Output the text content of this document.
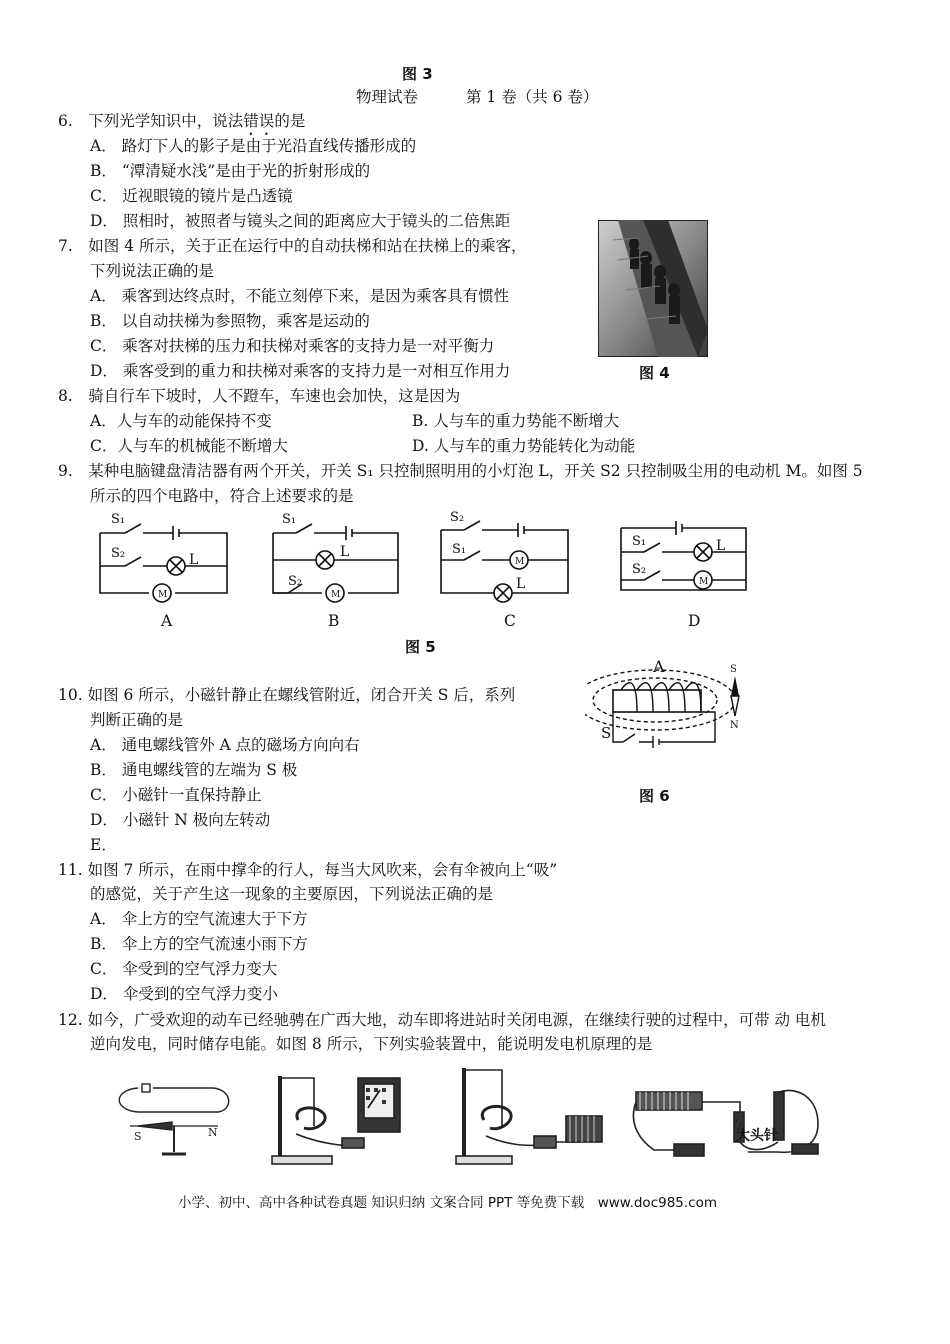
图 3
物理试卷	第 1 卷（共 6 卷）
6.　下列光学知识中，说法错误的是
A． 路灯下人的影子是由于光沿直线传播形成的
B． “潭清疑水浅”是由于光的折射形成的
C． 近视眼镜的镜片是凸透镜
D． 照相时，被照者与镜头之间的距离应大于镜头的二倍焦距
7.　如图 4 所示，关于正在运行中的自动扶梯和站在扶梯上的乘客，
下列说法正确的是
A． 乘客到达终点时，不能立刻停下来，是因为乘客具有惯性
B． 以自动扶梯为参照物，乘客是运动的
C． 乘客对扶梯的压力和扶梯对乘客的支持力是一对平衡力
D． 乘客受到的重力和扶梯对乘客的支持力是一对相互作用力	图 4
8.　骑自行车下坡时，人不蹬车，车速也会加快，这是因为
A．人与车的动能保持不变	B. 人与车的重力势能不断增大
C．人与车的机械能不断增大	D. 人与车的重力势能转化为动能
9.　某种电脑键盘清洁器有两个开关，开关 S₁ 只控制照明用的小灯泡 L，开关 S2 只控制吸尘用的电动机 M。如图 5
所示的四个电路中，符合上述要求的是
M
S₁
S₂	L
A
M
S₁
S₂
L
B
M
S₂
S₁
L
C
M
S₁
S₂
L
D
图 5
10. 如图 6 所示，小磁针静止在螺线管附近，闭合开关 S 后，系列
判断正确的是
A． 通电螺线管外 A 点的磁场方向向右
B． 通电螺线管的左端为 S 极
C． 小磁针一直保持静止
D． 小磁针 N 极向左转动
E．
A	S
N
S
图 6
11. 如图 7 所示，在雨中撑伞的行人，每当大风吹来，会有伞被向上“吸”
的感觉，关于产生这一现象的主要原因，下列说法正确的是
A． 伞上方的空气流速大于下方
B． 伞上方的空气流速小雨下方
C． 伞受到的空气浮力变大
D． 伞受到的空气浮力变小
12. 如今，广受欢迎的动车已经驰骋在广西大地，动车即将进站时关闭电源，在继续行驶的过程中，可带 动 电机
逆向发电，同时储存电能。如图 8 所示，下列实验装置中，能说明发电机原理的是
S	N	大头针
小学、初中、高中各种试卷真题 知识归纳 文案合同 PPT 等免费下载　www.doc985.com
